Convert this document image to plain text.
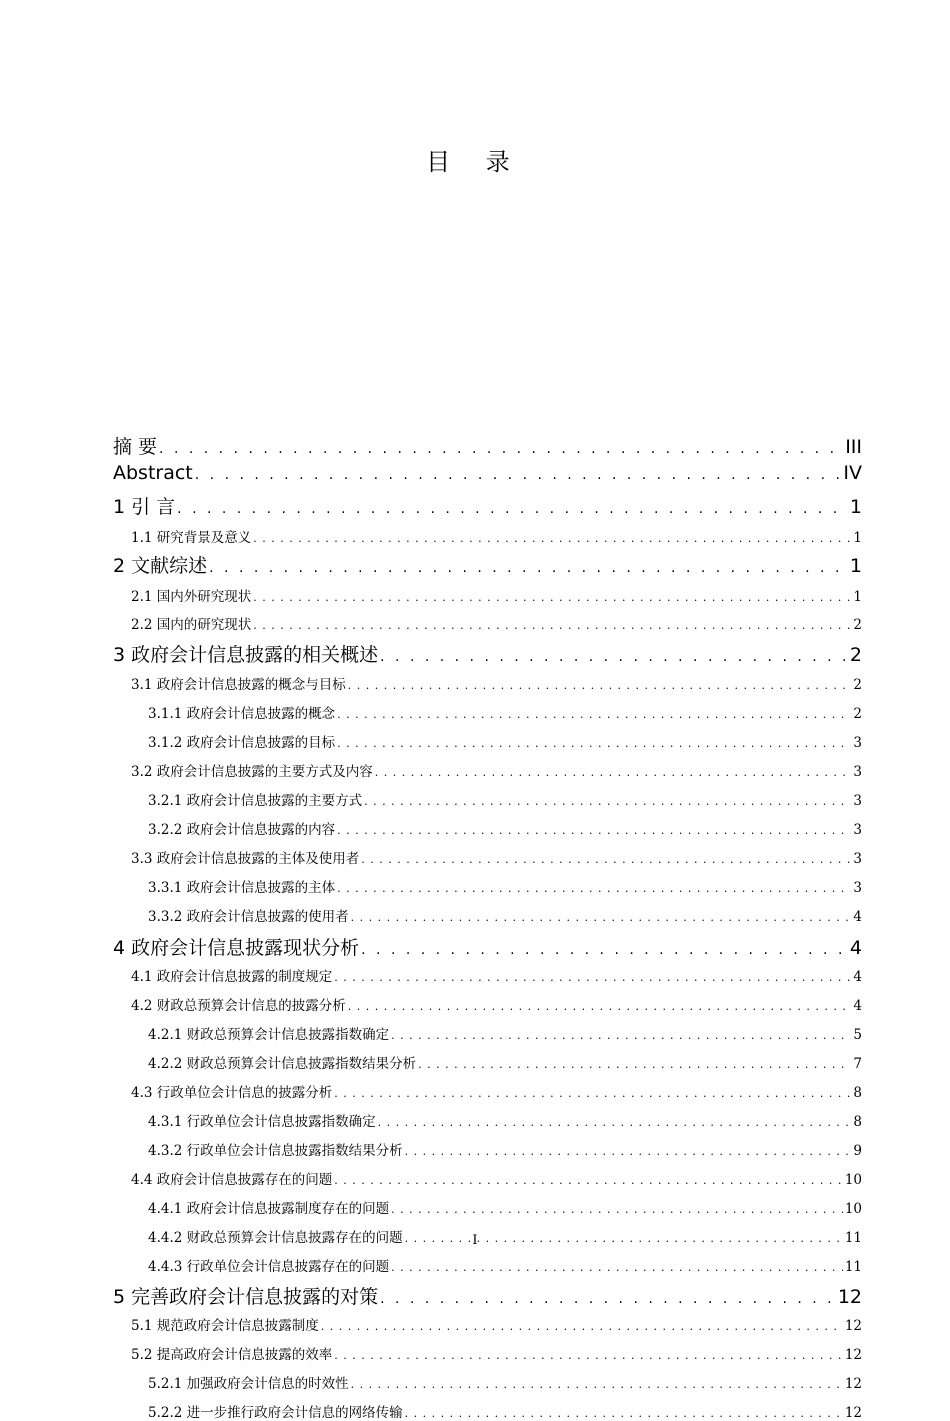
目 录
摘 要 . . .	III
Abstract . . .	IV
1 引 言 . . .	1
1.1 研究背景及意义 . . .	1
2 文献综述 . . .	1
2.1 国内外研究现状 . . .	1
2.2 国内的研究现状 . . .	2
3 政府会计信息披露的相关概述 . . .	2
3.1 政府会计信息披露的概念与目标 . . .	2
3.1.1 政府会计信息披露的概念 . . .	2
3.1.2 政府会计信息披露的目标 . . .	3
3.2 政府会计信息披露的主要方式及内容 . . .	3
3.2.1 政府会计信息披露的主要方式 . . .	3
3.2.2 政府会计信息披露的内容 . . .	3
3.3 政府会计信息披露的主体及使用者 . . .	3
3.3.1 政府会计信息披露的主体 . . .	3
3.3.2 政府会计信息披露的使用者 . . .	4
4 政府会计信息披露现状分析 . . .	4
4.1 政府会计信息披露的制度规定 . . .	4
4.2 财政总预算会计信息的披露分析 . . .	4
4.2.1 财政总预算会计信息披露指数确定 . . .	5
4.2.2 财政总预算会计信息披露指数结果分析 . . .	7
4.3 行政单位会计信息的披露分析 . . .	8
4.3.1 行政单位会计信息披露指数确定 . . .	8
4.3.2 行政单位会计信息披露指数结果分析 . . .	9
4.4 政府会计信息披露存在的问题 . . .	10
4.4.1 政府会计信息披露制度存在的问题 . . .	10
4.4.2 财政总预算会计信息披露存在的问题 . . .	11
4.4.3 行政单位会计信息披露存在的问题 . . .	11
5 完善政府会计信息披露的对策 . . .	12
5.1 规范政府会计信息披露制度 . . .	12
5.2 提高政府会计信息披露的效率 . . .	12
5.2.1 加强政府会计信息的时效性 . . .	12
5.2.2 进一步推行政府会计信息的网络传输 . . .	12
I
